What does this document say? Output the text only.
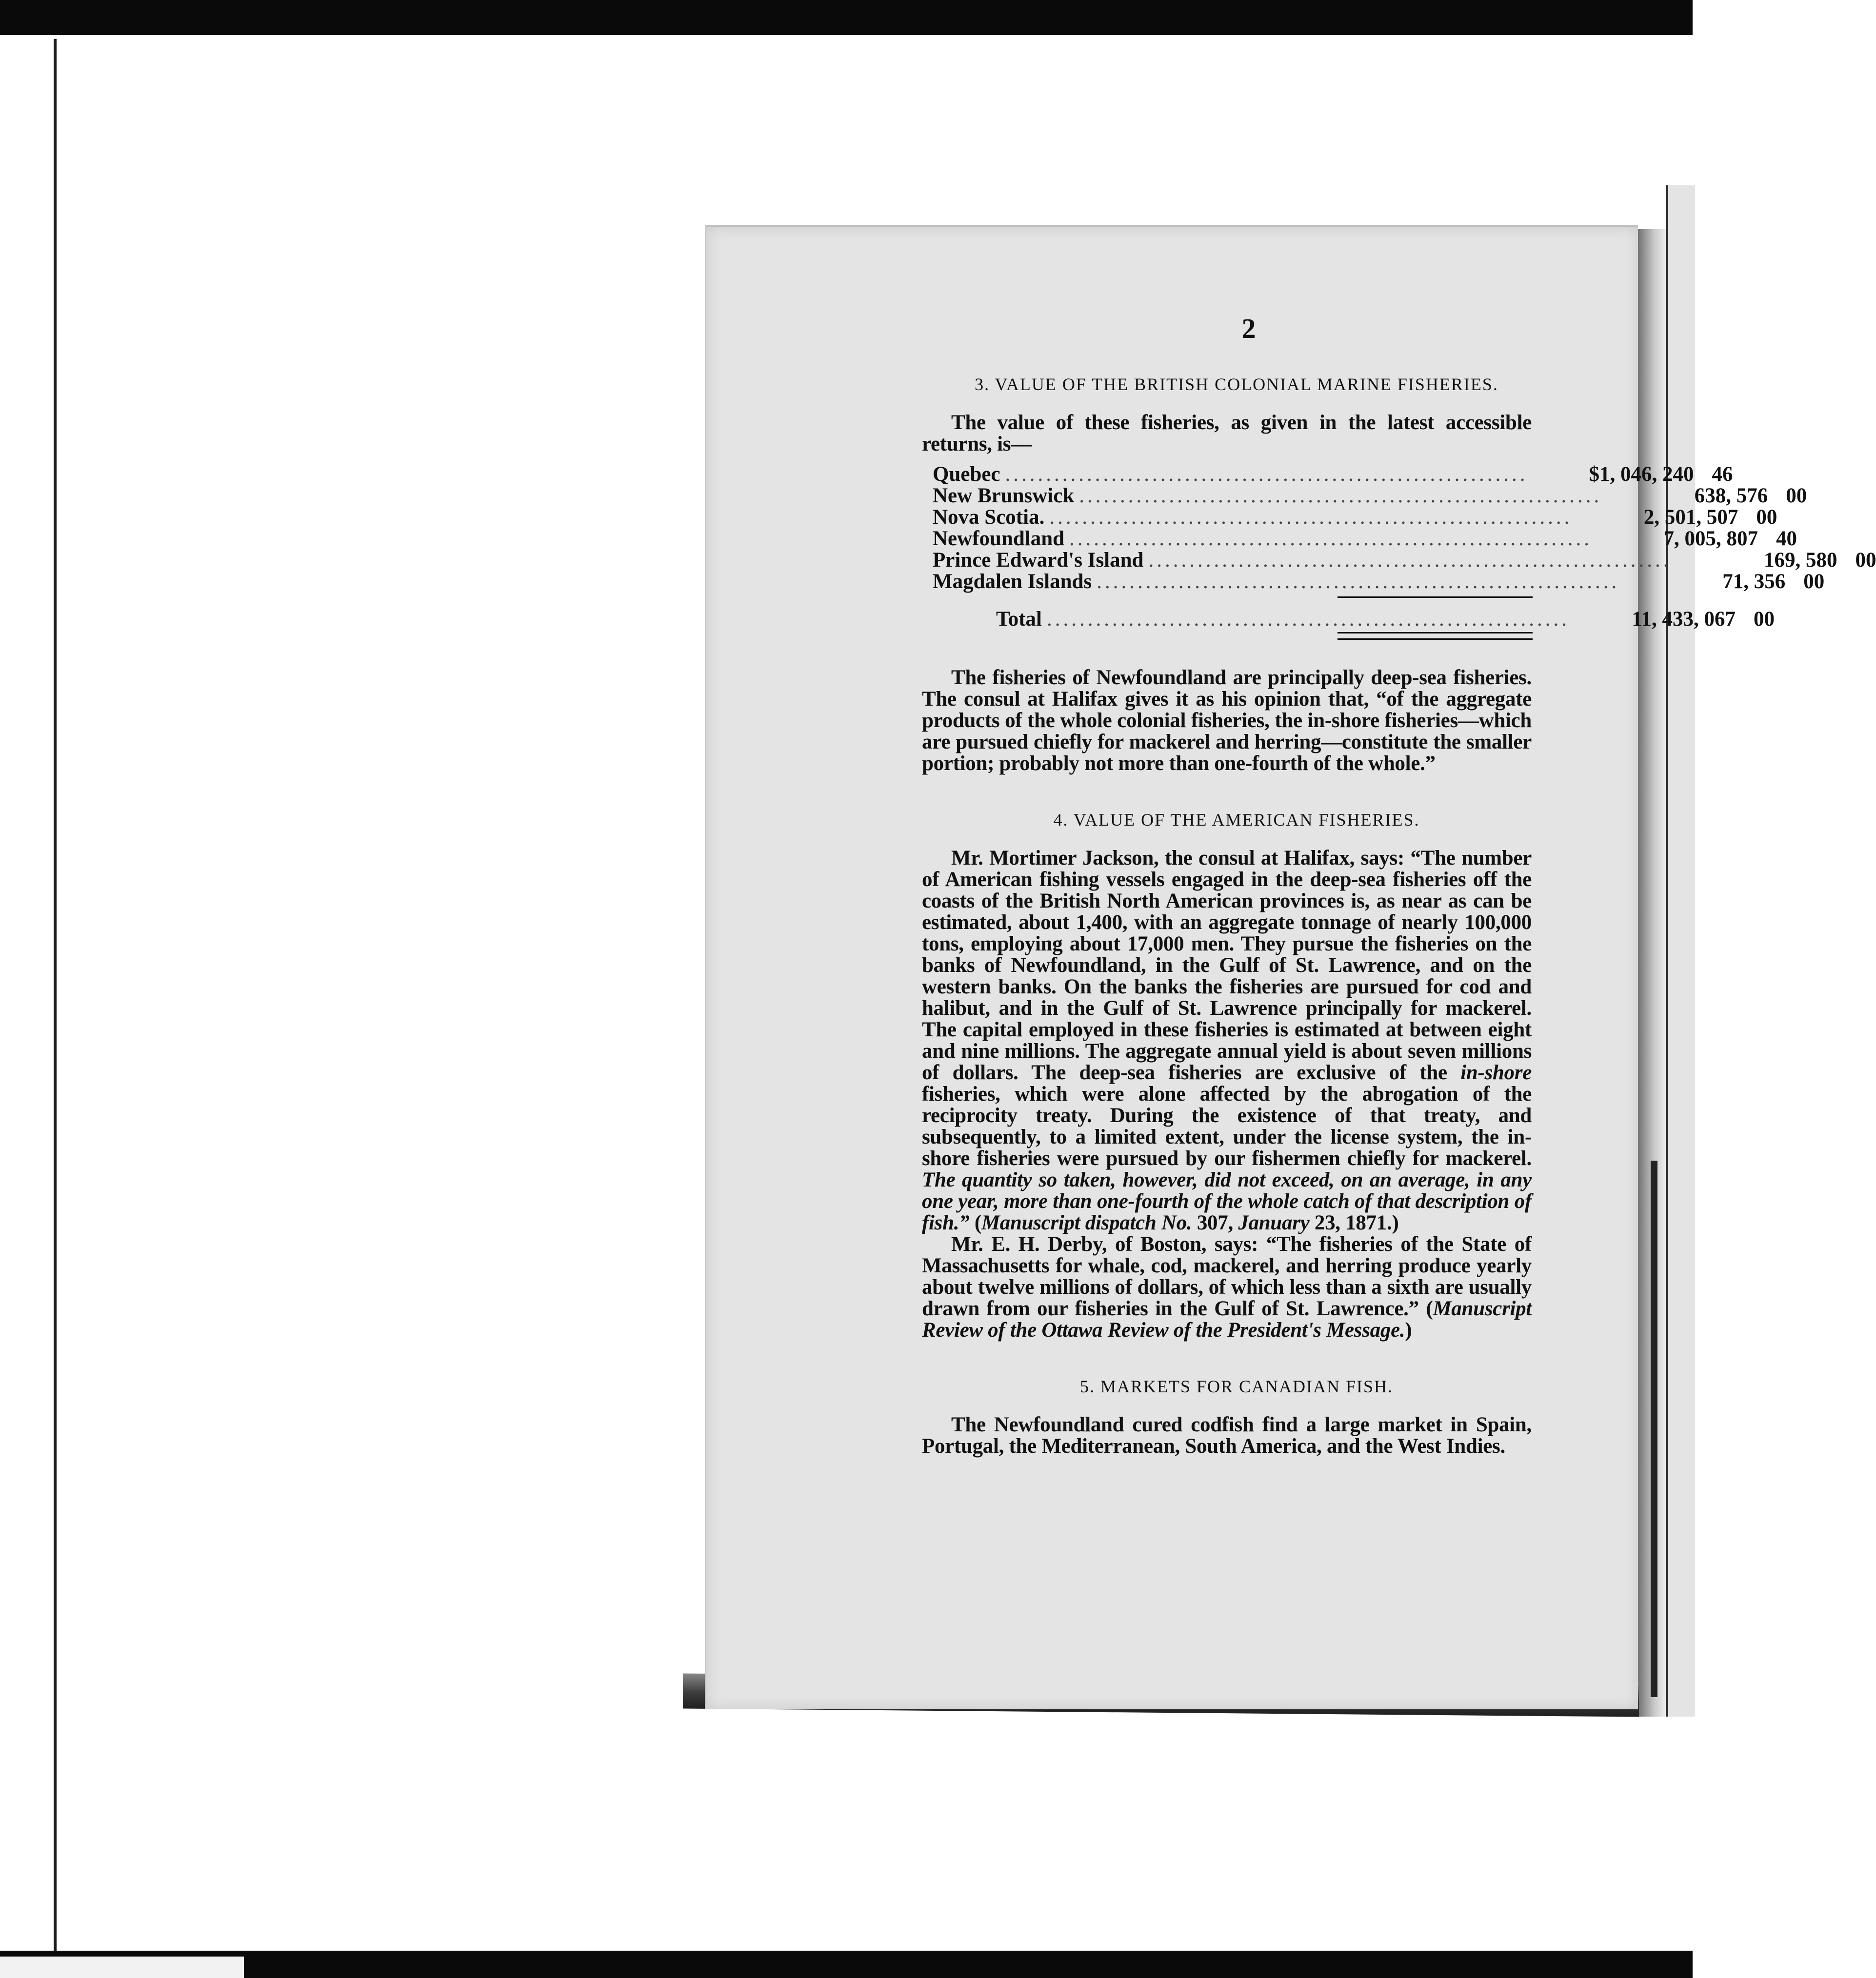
2
3. VALUE OF THE BRITISH COLONIAL MARINE FISHERIES.

The value of these fisheries, as given in the latest accessible returns, is—

Quebec ................................................................	$1, 046, 240 46
New Brunswick ................................................................	638, 576 00
Nova Scotia. ................................................................	2, 501, 507 00
Newfoundland ................................................................	7, 005, 807 40
Prince Edward's Island ................................................................	169, 580 00
Magdalen Islands ................................................................	71, 356 00
Total ................................................................	11, 433, 067 00

The fisheries of Newfoundland are principally deep-sea fisheries. The consul at Halifax gives it as his opinion that, “of the aggregate products of the whole colonial fisheries, the in-shore fisheries—which are pursued chiefly for mackerel and herring—constitute the smaller portion; probably not more than one-fourth of the whole.”

4. VALUE OF THE AMERICAN FISHERIES.

Mr. Mortimer Jackson, the consul at Halifax, says: “The number of American fishing vessels engaged in the deep-sea fisheries off the coasts of the British North American provinces is, as near as can be estimated, about 1,400, with an aggregate tonnage of nearly 100,000 tons, employing about 17,000 men. They pursue the fisheries on the banks of Newfoundland, in the Gulf of St. Lawrence, and on the western banks. On the banks the fisheries are pursued for cod and halibut, and in the Gulf of St. Lawrence principally for mackerel. The capital employed in these fisheries is estimated at between eight and nine millions. The aggregate annual yield is about seven millions of dollars. The deep-sea fisheries are exclusive of the in-shore fisheries, which were alone affected by the abrogation of the reciprocity treaty. During the existence of that treaty, and subsequently, to a limited extent, under the license system, the in-shore fisheries were pursued by our fishermen chiefly for mackerel. The quantity so taken, however, did not exceed, on an average, in any one year, more than one-fourth of the whole catch of that description of fish.” (Manuscript dispatch No. 307, January 23, 1871.)

Mr. E. H. Derby, of Boston, says: “The fisheries of the State of Massachusetts for whale, cod, mackerel, and herring produce yearly about twelve millions of dollars, of which less than a sixth are usually drawn from our fisheries in the Gulf of St. Lawrence.” (Manuscript Review of the Ottawa Review of the President's Message.)

5. MARKETS FOR CANADIAN FISH.

The Newfoundland cured codfish find a large market in Spain, Portugal, the Mediterranean, South America, and the West Indies.
